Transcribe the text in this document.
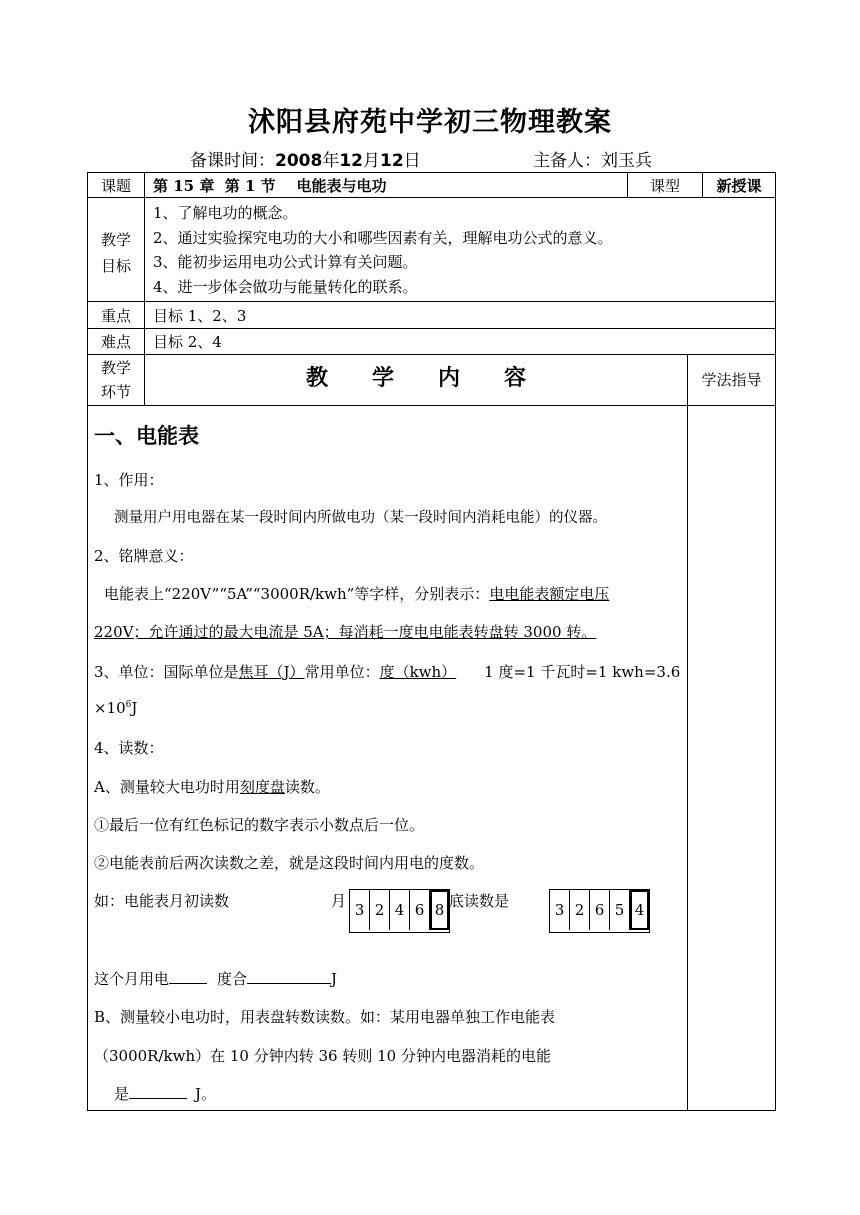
沭阳县府苑中学初三物理教案
备课时间：2008年12月12日	主备人：刘玉兵
课题	第 15 章  第 1 节    电能表与电功	课型	新授课
教学
目标
1、了解电功的概念。
2、通过实验探究电功的大小和哪些因素有关，理解电功公式的意义。
3、能初步运用电功公式计算有关问题。
4、进一步体会做功与能量转化的联系。
重点	目标 1、2、3
难点	目标 2、4
教学
环节
教　　学　　内　　容	学法指导
一、电能表
1、作用：
测量用户用电器在某一段时间内所做电功（某一段时间内消耗电能）的仪器。
2、铭牌意义：
电能表上“220V”“5A”“3000R/kwh”等字样，分别表示：电电能表额定电压
220V；允许通过的最大电流是 5A；每消耗一度电电能表转盘转 3000 转。
3、单位：国际单位是焦耳（J）常用单位：度（kwh） 1 度=1 千瓦时=1 kwh=3.6
$\times 10^6J$
4、读数：
A、测量较大电功时用刻度盘读数。
①最后一位有红色标记的数字表示小数点后一位。
②电能表前后两次读数之差，就是这段时间内用电的度数。
如：电能表月初读数	月	底读数是
3 2 4 6 8	3 2 6 5 4
这个月用电	度合	J
B、测量较小电功时，用表盘转数读数。如：某用电器单独工作电能表
（3000R/kwh）在 10 分钟内转 36 转则 10 分钟内电器消耗的电能
是	J。
